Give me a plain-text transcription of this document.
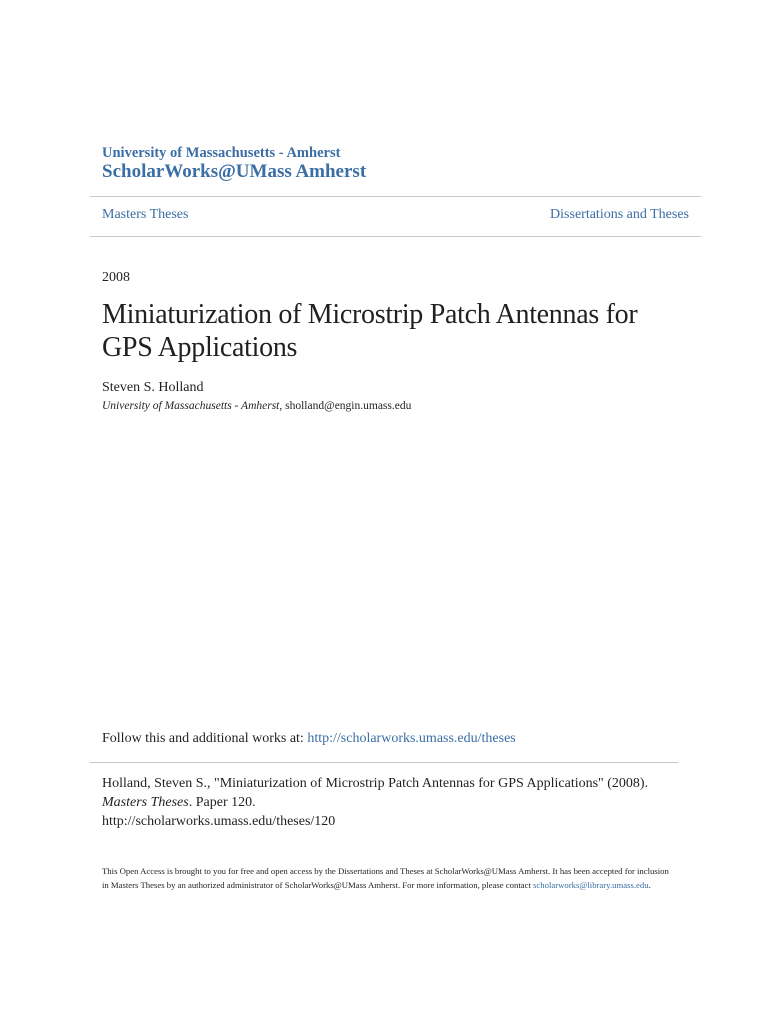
University of Massachusetts - Amherst
ScholarWorks@UMass Amherst
Masters Theses	Dissertations and Theses
2008
Miniaturization of Microstrip Patch Antennas for GPS Applications
Steven S. Holland
University of Massachusetts - Amherst, sholland@engin.umass.edu
Follow this and additional works at: http://scholarworks.umass.edu/theses
Holland, Steven S., "Miniaturization of Microstrip Patch Antennas for GPS Applications" (2008).
Masters Theses. Paper 120.
http://scholarworks.umass.edu/theses/120
This Open Access is brought to you for free and open access by the Dissertations and Theses at ScholarWorks@UMass Amherst. It has been accepted for inclusion in Masters Theses by an authorized administrator of ScholarWorks@UMass Amherst. For more information, please contact scholarworks@library.umass.edu.
